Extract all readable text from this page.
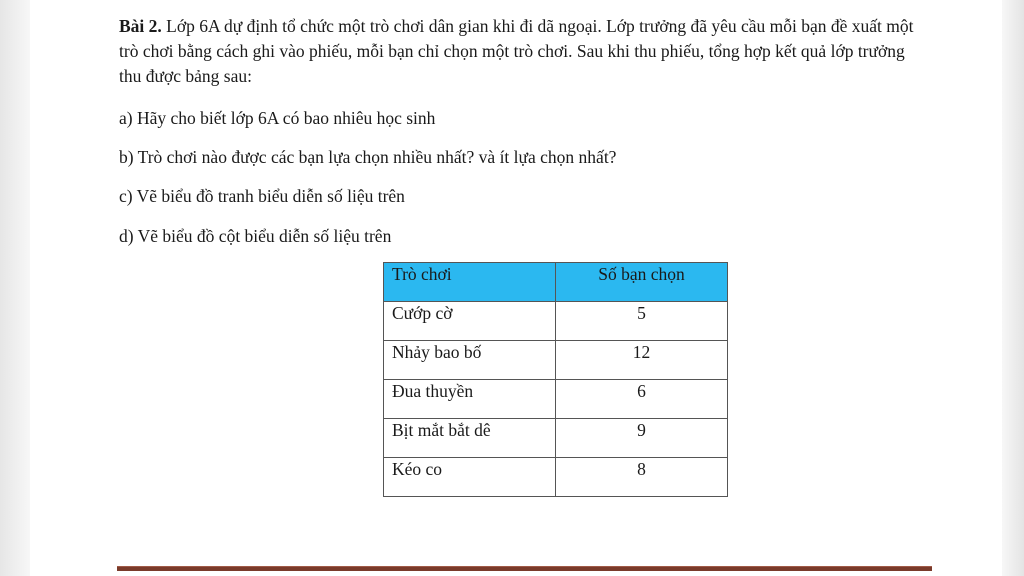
Bài 2. Lớp 6A dự định tổ chức một trò chơi dân gian khi đi dã ngoại. Lớp trưởng đã yêu cầu mỗi bạn đề xuất một trò chơi bằng cách ghi vào phiếu, mỗi bạn chỉ chọn một trò chơi. Sau khi thu phiếu, tổng hợp kết quả lớp trưởng thu được bảng sau:

a) Hãy cho biết lớp 6A có bao nhiêu học sinh

b) Trò chơi nào được các bạn lựa chọn nhiều nhất? và ít lựa chọn nhất?

c) Vẽ biểu đồ tranh biểu diễn số liệu trên

d) Vẽ biểu đồ cột biểu diễn số liệu trên

Trò chơi	Số bạn chọn
Cướp cờ	5
Nhảy bao bố	12
Đua thuyền	6
Bịt mắt bắt dê	9
Kéo co	8
